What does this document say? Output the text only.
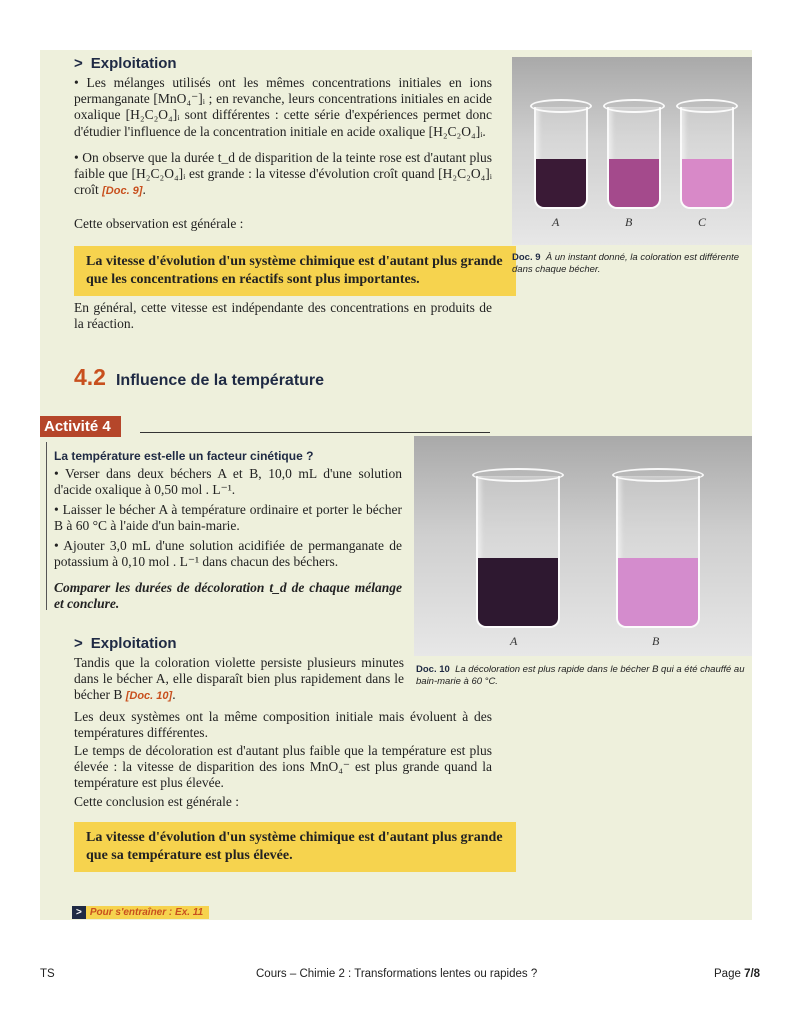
> Exploitation
• Les mélanges utilisés ont les mêmes concentrations initiales en ions permanganate [MnO₄⁻]ᵢ ; en revanche, leurs concentrations initiales en acide oxalique [H₂C₂O₄]ᵢ sont différentes : cette série d'expériences permet donc d'étudier l'influence de la concentration initiale en acide oxalique [H₂C₂O₄]ᵢ.
• On observe que la durée t_d de disparition de la teinte rose est d'autant plus faible que [H₂C₂O₄]ᵢ est grande : la vitesse d'évolution croît quand [H₂C₂O₄]ᵢ croît [Doc. 9].
Cette observation est générale :
La vitesse d'évolution d'un système chimique est d'autant plus grande que les concentrations en réactifs sont plus importantes.
En général, cette vitesse est indépendante des concentrations en produits de la réaction.
A	B	C
Doc. 9 À un instant donné, la coloration est différente dans chaque bécher.
4.2 Influence de la température
Activité 4
La température est-elle un facteur cinétique ?
• Verser dans deux béchers A et B, 10,0 mL d'une solution d'acide oxalique à 0,50 mol . L⁻¹.
• Laisser le bécher A à température ordinaire et porter le bécher B à 60 °C à l'aide d'un bain-marie.
• Ajouter 3,0 mL d'une solution acidifiée de permanganate de potassium à 0,10 mol . L⁻¹ dans chacun des béchers.
Comparer les durées de décoloration t_d de chaque mélange et conclure.
A	B
Doc. 10 La décoloration est plus rapide dans le bécher B qui a été chauffé au bain-marie à 60 °C.
> Exploitation
Tandis que la coloration violette persiste plusieurs minutes dans le bécher A, elle disparaît bien plus rapidement dans le bécher B [Doc. 10].
Les deux systèmes ont la même composition initiale mais évoluent à des températures différentes.
Le temps de décoloration est d'autant plus faible que la température est plus élevée : la vitesse de disparition des ions MnO₄⁻ est plus grande quand la température est plus élevée.
Cette conclusion est générale :
La vitesse d'évolution d'un système chimique est d'autant plus grande que sa température est plus élevée.
> Pour s'entraîner : Ex. 11
TS	Cours – Chimie 2 : Transformations lentes ou rapides ?	Page 7/8
